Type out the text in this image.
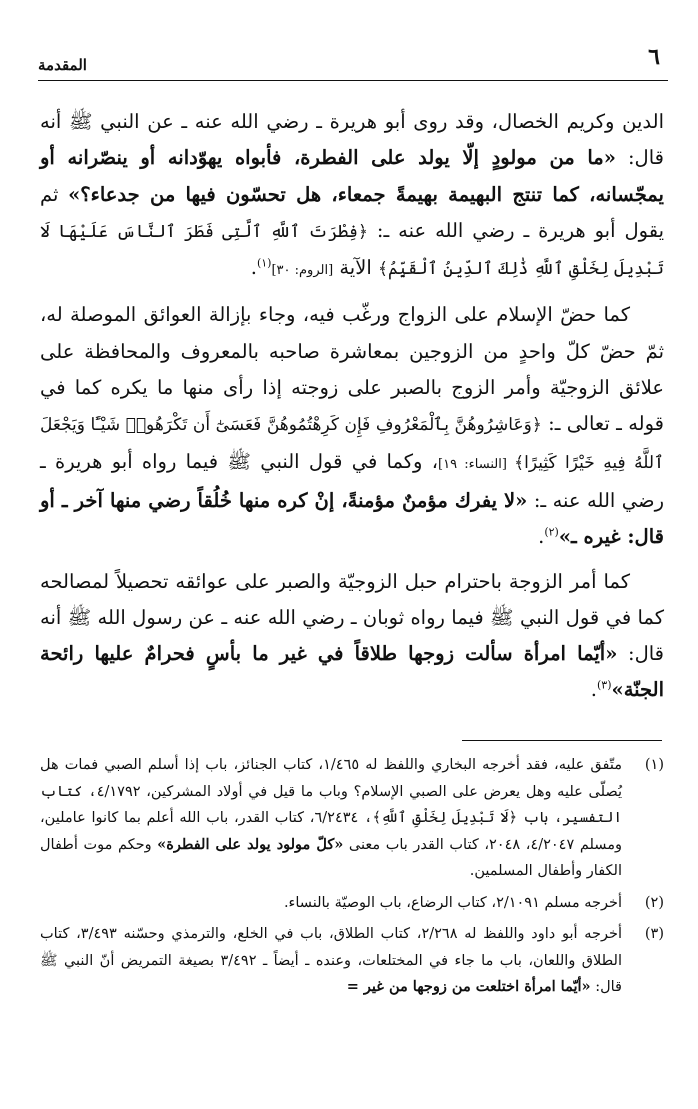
٦
المقدمة

الدين وكريم الخصال، وقد روى أبو هريرة ـ رضي الله عنه ـ عن النبي ﷺ أنه قال: «ما من مولودٍ إلّا يولد على الفطرة، فأبواه يهوّدانه أو ينصّرانه أو يمجّسانه، كما تنتج البهيمة بهيمةً جمعاء، هل تحسّون فيها من جدعاء؟» ثم يقول أبو هريرة ـ رضي الله عنه ـ: ﴿فِطْرَتَ ٱللَّهِ ٱلَّتِى فَطَرَ ٱلنَّاسَ عَلَيْهَا لَا تَبْدِيلَ لِخَلْقِ ٱللَّهِ ذَٰلِكَ ٱلدِّينُ ٱلْقَيِّمُ﴾ الآية [الروم: ٣٠]$^{(١)}$.

كما حضّ الإسلام على الزواج ورغّب فيه، وجاء بإزالة العوائق الموصلة له، ثمّ حضّ كلّ واحدٍ من الزوجين بمعاشرة صاحبه بالمعروف والمحافظة على علائق الزوجيّة وأمر الزوج بالصبر على زوجته إذا رأى منها ما يكره كما في قوله ـ تعالى ـ: ﴿وَعَاشِرُوهُنَّ بِٱلْمَعْرُوفِ فَإِن كَرِهْتُمُوهُنَّ فَعَسَىٰٓ أَن تَكْرَهُوا۟ شَيْـًٔا وَيَجْعَلَ ٱللَّهُ فِيهِ خَيْرًا كَثِيرًا﴾ [النساء: ١٩]، وكما في قول النبي ﷺ فيما رواه أبو هريرة ـ رضي الله عنه ـ: «لا يفرك مؤمنٌ مؤمنةً، إنْ كره منها خُلُقاً رضي منها آخر ـ أو قال: غيره ـ»$^{(٢)}$.

كما أمر الزوجة باحترام حبل الزوجيّة والصبر على عوائقه تحصيلاً لمصالحه كما في قول النبي ﷺ فيما رواه ثوبان ـ رضي الله عنه ـ عن رسول الله ﷺ أنه قال: «أيّما امرأة سألت زوجها طلاقاً في غير ما بأسٍ فحرامٌ عليها رائحة الجنّة»$^{(٣)}$.

(١)
متّفق عليه، فقد أخرجه البخاري واللفظ له ١/٤٦٥، كتاب الجنائز، باب إذا أسلم الصبي فمات هل يُصلّى عليه وهل يعرض على الصبي الإسلام؟ وباب ما قيل في أولاد المشركين، ٤/١٧٩٢، كتاب التفسير، باب ﴿لَا تَبْدِيلَ لِخَلْقِ ٱللَّهِ﴾، ٦/٢٤٣٤، كتاب القدر، باب الله أعلم بما كانوا عاملين، ومسلم ٤/٢٠٤٧، ٢٠٤٨، كتاب القدر باب معنى «كلّ مولود يولد على الفطرة» وحكم موت أطفال الكفار وأطفال المسلمين.
(٢)
أخرجه مسلم ٢/١٠٩١، كتاب الرضاع، باب الوصيّة بالنساء.
(٣)
أخرجه أبو داود واللفظ له ٢/٢٦٨، كتاب الطلاق، باب في الخلع، والترمذي وحسّنه ٣/٤٩٣، كتاب الطلاق واللعان، باب ما جاء في المختلعات، وعنده ـ أيضاً ـ ٣/٤٩٢ بصيغة التمريض أنّ النبي ﷺ قال: «أيّما امرأة اختلعت من زوجها من غير =
